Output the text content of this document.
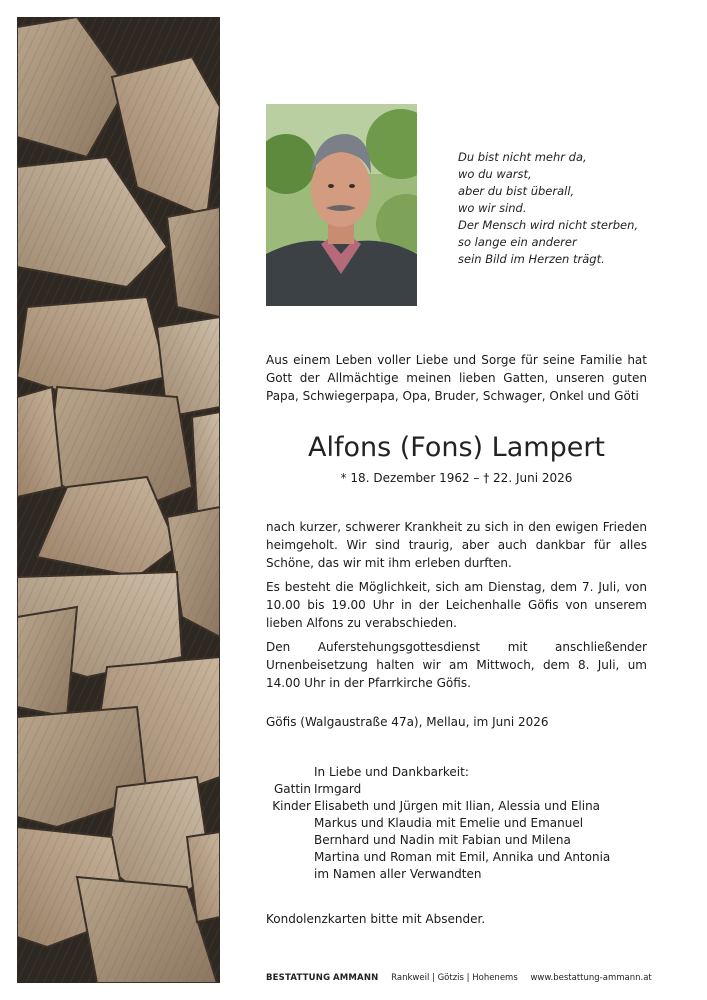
Du bist nicht mehr da,
wo du warst,
aber du bist überall,
wo wir sind.
Der Mensch wird nicht sterben,
so lange ein anderer
sein Bild im Herzen trägt.
Aus einem Leben voller Liebe und Sorge für seine Familie hat Gott der Allmächtige meinen lieben Gatten, unseren guten Papa, Schwiegerpapa, Opa, Bruder, Schwager, Onkel und Göti
Alfons (Fons) Lampert
* 18. Dezember 1962 – † 22. Juni 2026

nach kurzer, schwerer Krankheit zu sich in den ewigen Frieden heimgeholt. Wir sind traurig, aber auch dankbar für alles Schöne, das wir mit ihm erleben durften.

Es besteht die Möglichkeit, sich am Dienstag, dem 7. Juli, von 10.00 bis 19.00 Uhr in der Leichenhalle Göfis von unserem lieben Alfons zu verabschieden.

Den Auferstehungsgottesdienst mit anschließender Urnenbeisetzung halten wir am Mittwoch, dem 8. Juli, um 14.00 Uhr in der Pfarrkirche Göfis.

Göfis (Walgaustraße 47a), Mellau, im Juni 2026
In Liebe und Dankbarkeit:
Gattin Irmgard
Kinder Elisabeth und Jürgen mit Ilian, Alessia und Elina
Markus und Klaudia mit Emelie und Emanuel
Bernhard und Nadin mit Fabian und Milena
Martina und Roman mit Emil, Annika und Antonia
im Namen aller Verwandten
Kondolenzkarten bitte mit Absender.
BESTATTUNG AMMANN Rankweil | Götzis | Hohenems www.bestattung-ammann.at
